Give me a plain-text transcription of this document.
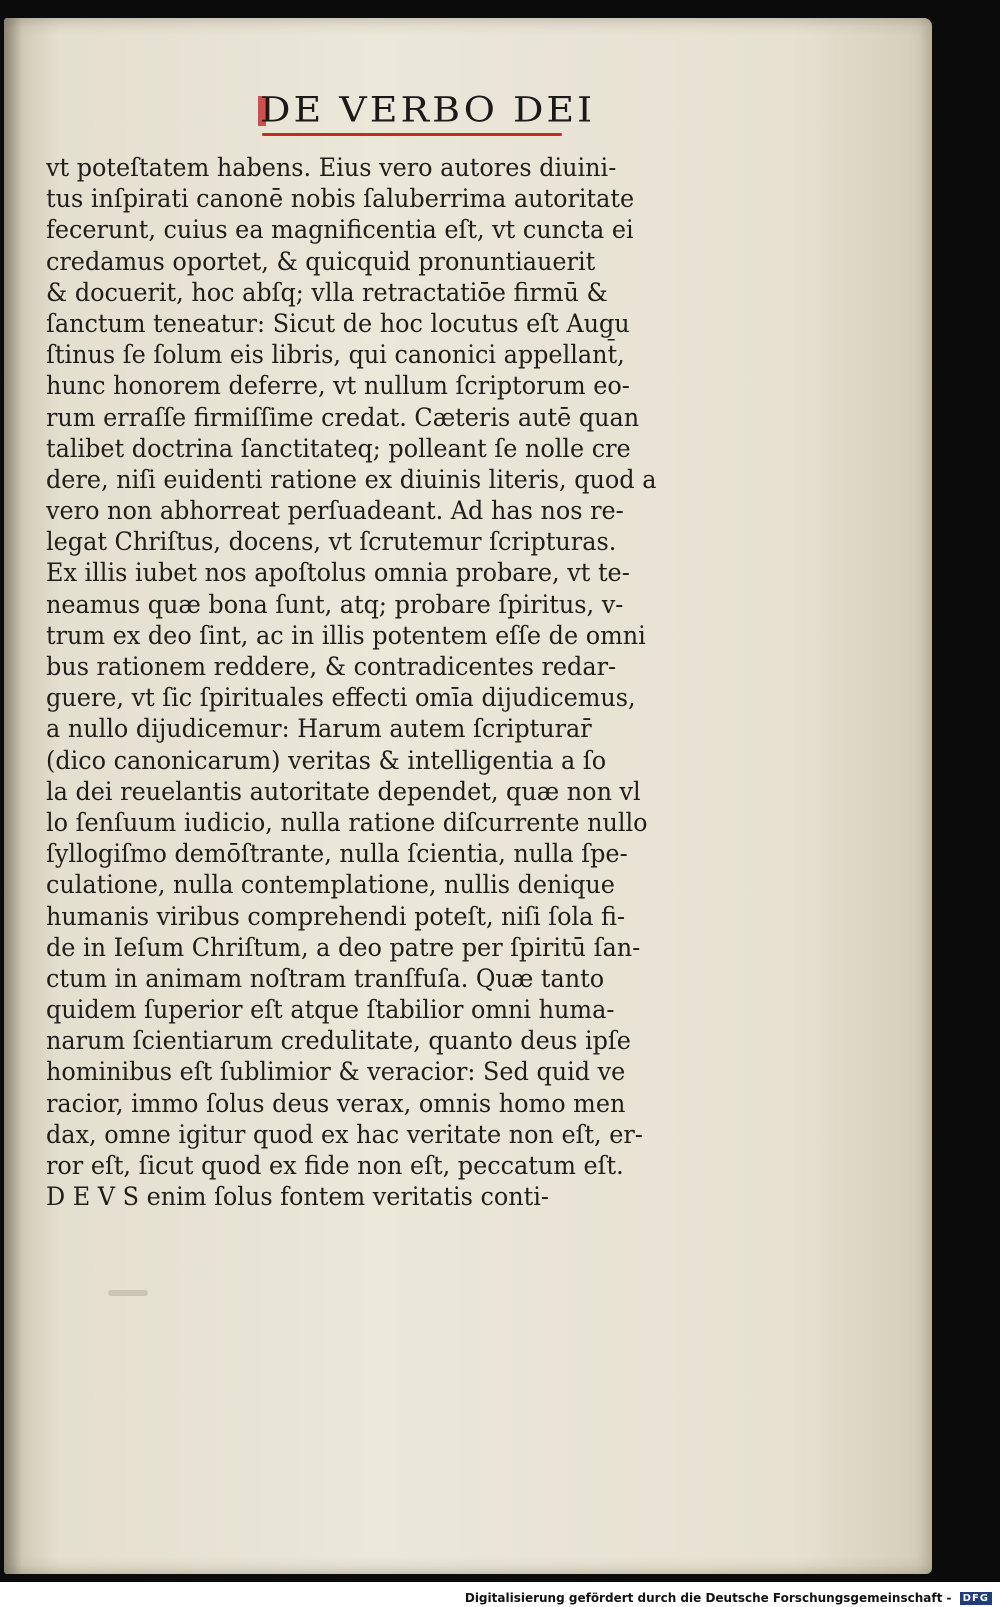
DE VERBO DEI
vt poteſtatem habens. Eius vero autores diuini-
tus inſpirati canonē nobis ſaluberrima autoritate
fecerunt, cuius ea magnificentia eſt, vt cuncta ei
credamus oportet, & quicquid pronuntiauerit
& docuerit, hoc abſq; vlla retractatiōe firmū &
ſanctum teneatur: Sicut de hoc locutus eſt Augu
ſtinus ſe ſolum eis libris, qui canonici appellant̄,
hunc honorem deferre, vt nullum ſcriptorum eo-
rum erraſſe firmiſſime credat. Cæteris autē quan
talibet doctrina ſanctitateq; polleant ſe nolle cre
dere, niſi euidenti ratione ex diuinis literis, quod a
vero non abhorreat perſuadeant. Ad has nos re-
legat Chriſtus, docens, vt ſcrutemur ſcripturas.
Ex illis iubet nos apoſtolus omnia probare, vt te-
neamus quæ bona ſunt, atq; probare ſpiritus, v-
trum ex deo ſint, ac in illis potentem eſſe de omni
bus rationem reddere, & contradicentes redar-
guere, vt ſic ſpirituales effecti omīa dijudicemus,
a nullo dijudicemur: Harum autem ſcripturar̄
(dico canonicarum) veritas & intelligentia a ſo
la dei reuelantis autoritate dependet, quæ non vl
lo ſenſuum iudicio, nulla ratione diſcurrente nullo
ſyllogiſmo demōſtrante, nulla ſcientia, nulla ſpe-
culatione, nulla contemplatione, nullis denique
humanis viribus comprehendi poteſt, niſi ſola fi-
de in Ieſum Chriſtum, a deo patre per ſpiritū ſan-
ctum in animam noſtram tranſfuſa. Quæ tanto
quidem ſuperior eſt atque ſtabilior omni huma-
narum ſcientiarum credulitate, quanto deus ipſe
hominibus eſt ſublimior & veracior: Sed quid ve
racior, immo ſolus deus verax, omnis homo men
dax, omne igitur quod ex hac veritate non eſt, er-
ror eſt, ſicut quod ex fide non eſt, peccatum eſt.
D E V S enim ſolus fontem veritatis conti-
Digitalisierung gefördert durch die Deutsche Forschungsgemeinschaft - DFG
